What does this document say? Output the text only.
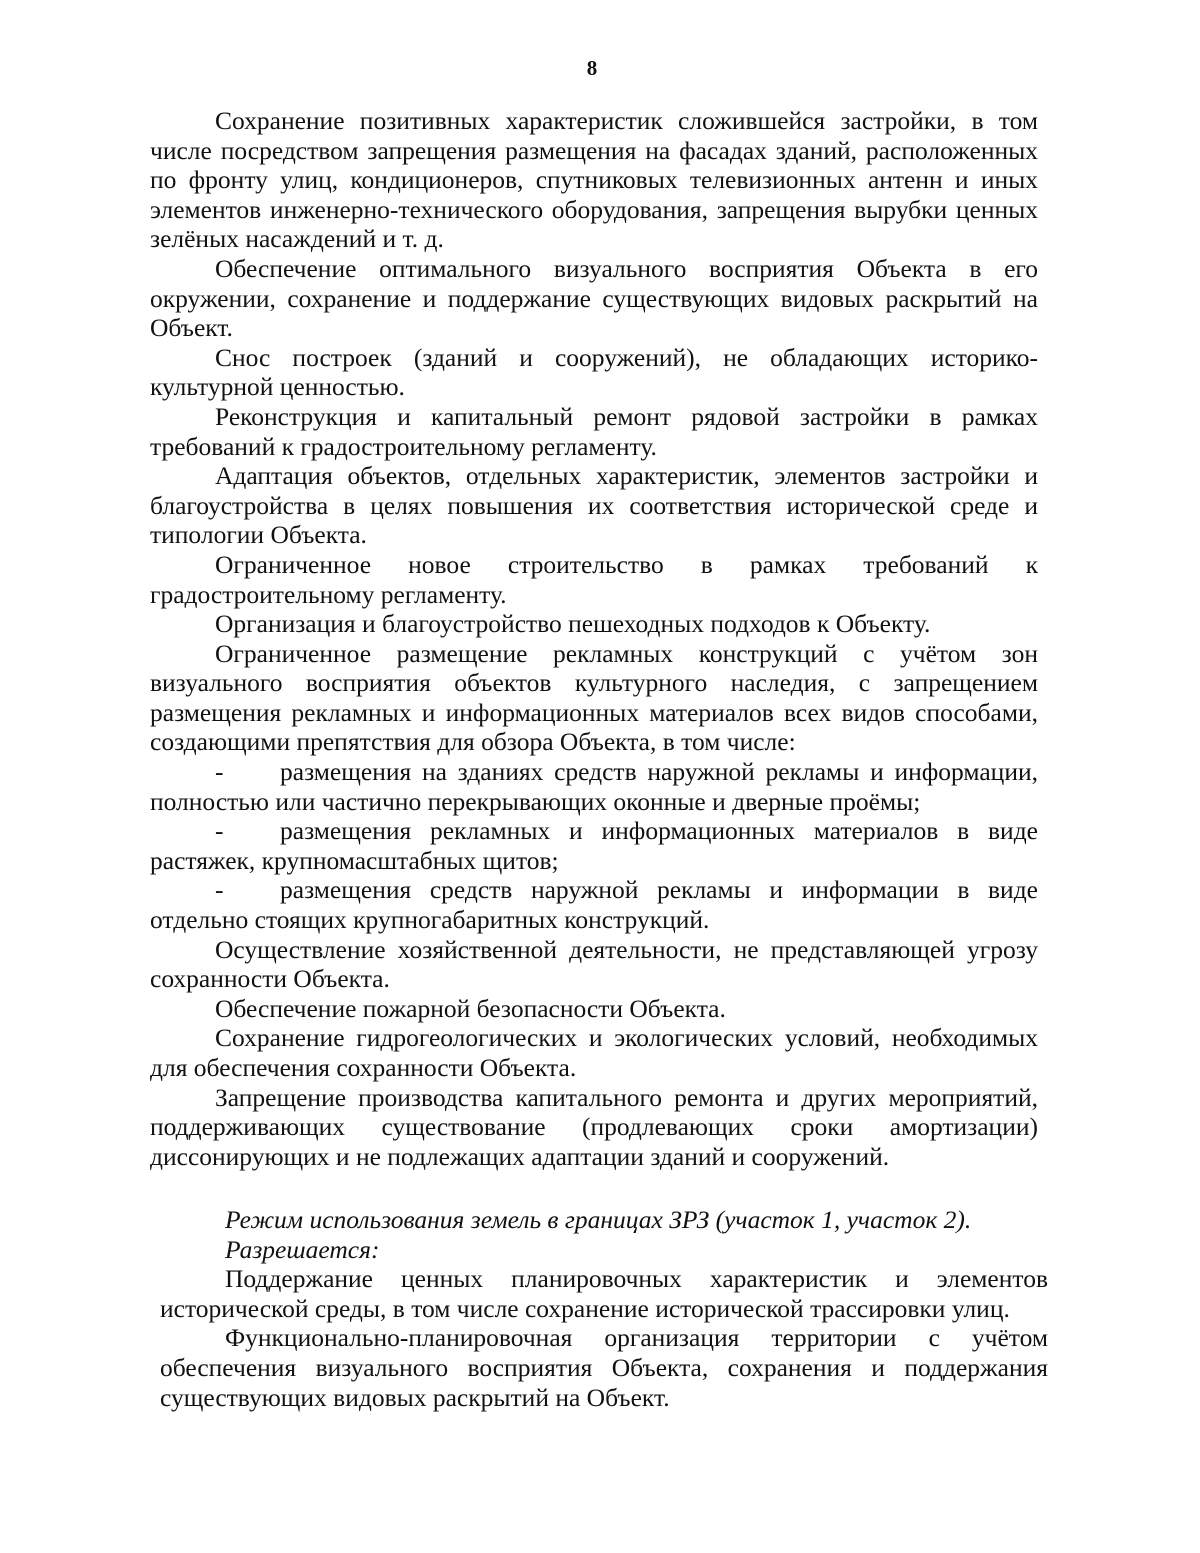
8

Сохранение позитивных характеристик сложившейся застройки, в том числе посредством запрещения размещения на фасадах зданий, расположенных по фронту улиц, кондиционеров, спутниковых телевизионных антенн и иных элементов инженерно-технического оборудования, запрещения вырубки ценных зелёных насаждений и т. д.

Обеспечение оптимального визуального восприятия Объекта в его окружении, сохранение и поддержание существующих видовых раскрытий на Объект.

Снос построек (зданий и сооружений), не обладающих историко-культурной ценностью.

Реконструкция и капитальный ремонт рядовой застройки в рамках требований к градостроительному регламенту.

Адаптация объектов, отдельных характеристик, элементов застройки и благоустройства в целях повышения их соответствия исторической среде и типологии Объекта.

Ограниченное новое строительство в рамках требований к градостроительному регламенту.

Организация и благоустройство пешеходных подходов к Объекту.

Ограниченное размещение рекламных конструкций с учётом зон визуального восприятия объектов культурного наследия, с запрещением размещения рекламных и информационных материалов всех видов способами, создающими препятствия для обзора Объекта, в том числе:

- размещения на зданиях средств наружной рекламы и информации, полностью или частично перекрывающих оконные и дверные проёмы;

- размещения рекламных и информационных материалов в виде растяжек, крупномасштабных щитов;

- размещения средств наружной рекламы и информации в виде отдельно стоящих крупногабаритных конструкций.

Осуществление хозяйственной деятельности, не представляющей угрозу сохранности Объекта.

Обеспечение пожарной безопасности Объекта.

Сохранение гидрогеологических и экологических условий, необходимых для обеспечения сохранности Объекта.

Запрещение производства капитального ремонта и других мероприятий, поддерживающих существование (продлевающих сроки амортизации) диссонирующих и не подлежащих адаптации зданий и сооружений.

Режим использования земель в границах ЗРЗ (участок 1, участок 2).

Разрешается:

Поддержание ценных планировочных характеристик и элементов исторической среды, в том числе сохранение исторической трассировки улиц.

Функционально-планировочная организация территории с учётом обеспечения визуального восприятия Объекта, сохранения и поддержания существующих видовых раскрытий на Объект.
